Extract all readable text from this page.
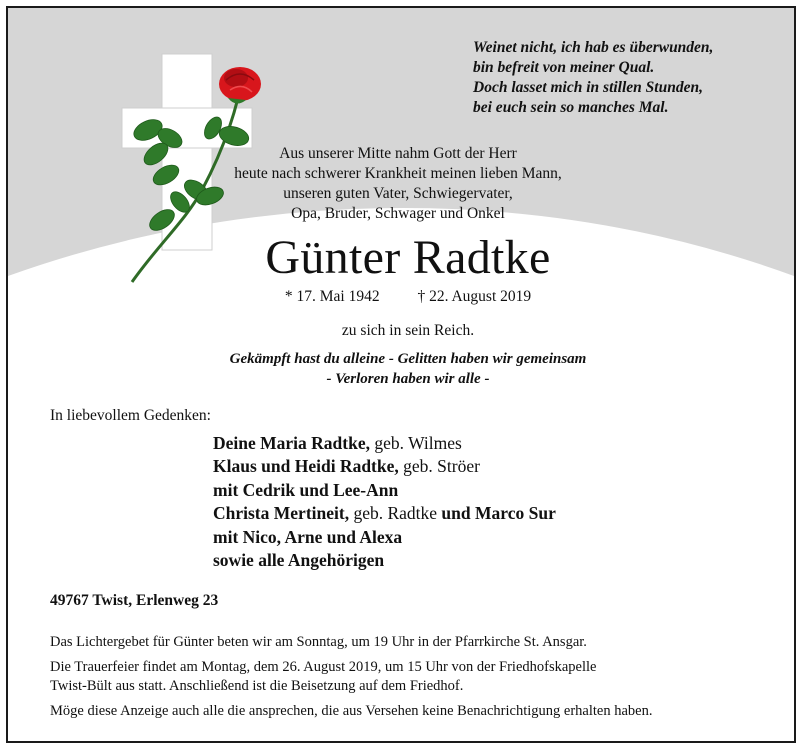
Weinet nicht, ich hab es überwunden,
bin befreit von meiner Qual.
Doch lasset mich in stillen Stunden,
bei euch sein so manches Mal.
Aus unserer Mitte nahm Gott der Herr
heute nach schwerer Krankheit meinen lieben Mann,
unseren guten Vater, Schwiegervater,
Opa, Bruder, Schwager und Onkel
Günter Radtke
* 17. Mai 1942 † 22. August 2019
zu sich in sein Reich.
Gekämpft hast du alleine - Gelitten haben wir gemeinsam
- Verloren haben wir alle -
In liebevollem Gedenken:
Deine Maria Radtke, geb. Wilmes
Klaus und Heidi Radtke, geb. Ströer
mit Cedrik und Lee-Ann
Christa Mertineit, geb. Radtke und Marco Sur
mit Nico, Arne und Alexa
sowie alle Angehörigen
49767 Twist, Erlenweg 23

Das Lichtergebet für Günter beten wir am Sonntag, um 19 Uhr in der Pfarrkirche St. Ansgar.

Die Trauerfeier findet am Montag, dem 26. August 2019, um 15 Uhr von der Friedhofskapelle
Twist-Bült aus statt. Anschließend ist die Beisetzung auf dem Friedhof.

Möge diese Anzeige auch alle die ansprechen, die aus Versehen keine Benachrichtigung erhalten haben.
